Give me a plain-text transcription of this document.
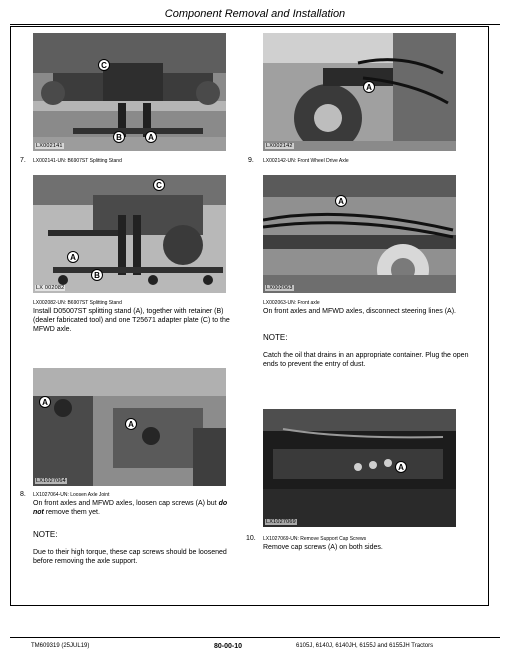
Component Removal and Installation
C
B	A
LX002141
A
LX002142
7. LX002141-UN: B6907ST Splitting Stand	9. LX002142-UN: Front Wheel Drive Axle
C
A
B
LX 002082
A
LX002063
LX002082-UN: B6907ST Splitting Stand
Install D05007ST splitting stand (A), together with retainer (B) (dealer fabricated tool) and one T25671 adapter plate (C) to the MFWD axle.
LX002063-UN: Front axle
On front axles and MFWD axles, disconnect steering lines (A).
NOTE:
Catch the oil that drains in an appropriate container. Plug the open ends to prevent the entry of dust.
A
A
LX1027064
A
LX1027069
8. LX1027064-UN: Loosen Axle Joint
On front axles and MFWD axles, loosen cap screws (A) but do not remove them yet.
NOTE:
Due to their high torque, these cap screws should be loosened before removing the axle support.
10. LX1027069-UN: Remove Support Cap Screws
Remove cap screws (A) on both sides.
TM609319 (25JUL19)	80-00-10	6105J, 6140J, 6140JH, 6155J and 6155JH Tractors
